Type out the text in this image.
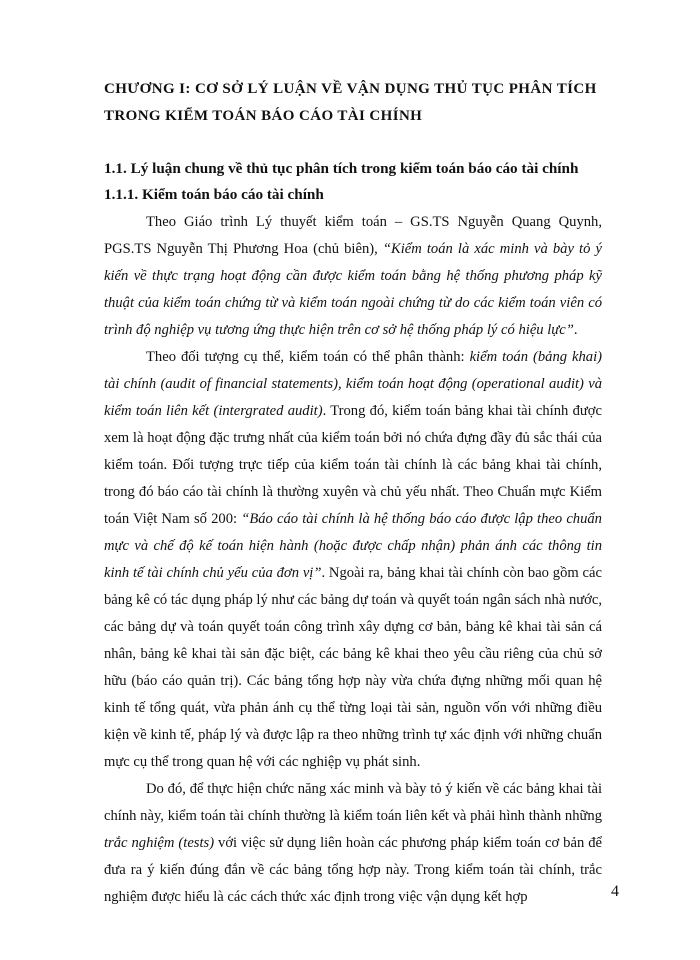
CHƯƠNG I: CƠ SỞ LÝ LUẬN VỀ VẬN DỤNG THỦ TỤC PHÂN TÍCH
TRONG KIỂM TOÁN BÁO CÁO TÀI CHÍNH
1.1. Lý luận chung về thủ tục phân tích trong kiểm toán báo cáo tài chính
1.1.1. Kiểm toán báo cáo tài chính

Theo Giáo trình Lý thuyết kiểm toán – GS.TS Nguyễn Quang Quynh, PGS.TS Nguyễn Thị Phương Hoa (chủ biên), “Kiểm toán là xác minh và bày tỏ ý kiến về thực trạng hoạt động cần được kiểm toán bằng hệ thống phương pháp kỹ thuật của kiểm toán chứng từ và kiểm toán ngoài chứng từ do các kiểm toán viên có trình độ nghiệp vụ tương ứng thực hiện trên cơ sở hệ thống pháp lý có hiệu lực”.

Theo đối tượng cụ thể, kiểm toán có thể phân thành: kiểm toán (bảng khai) tài chính (audit of financial statements), kiểm toán hoạt động (operational audit) và kiểm toán liên kết (intergrated audit). Trong đó, kiểm toán bảng khai tài chính được xem là hoạt động đặc trưng nhất của kiểm toán bởi nó chứa đựng đầy đủ sắc thái của kiểm toán. Đối tượng trực tiếp của kiểm toán tài chính là các bảng khai tài chính, trong đó báo cáo tài chính là thường xuyên và chủ yếu nhất. Theo Chuẩn mực Kiểm toán Việt Nam số 200: “Báo cáo tài chính là hệ thống báo cáo được lập theo chuẩn mực và chế độ kế toán hiện hành (hoặc được chấp nhận) phản ánh các thông tin kinh tế tài chính chủ yếu của đơn vị”. Ngoài ra, bảng khai tài chính còn bao gồm các bảng kê có tác dụng pháp lý như các bảng dự toán và quyết toán ngân sách nhà nước, các bảng dự và toán quyết toán công trình xây dựng cơ bản, bảng kê khai tài sản cá nhân, bảng kê khai tài sản đặc biệt, các bảng kê khai theo yêu cầu riêng của chủ sở hữu (báo cáo quản trị). Các bảng tổng hợp này vừa chứa đựng những mối quan hệ kinh tế tổng quát, vừa phản ánh cụ thể từng loại tài sản, nguồn vốn với những điều kiện về kinh tế, pháp lý và được lập ra theo những trình tự xác định với những chuẩn mực cụ thể trong quan hệ với các nghiệp vụ phát sinh.

Do đó, để thực hiện chức năng xác minh và bày tỏ ý kiến về các bảng khai tài chính này, kiểm toán tài chính thường là kiểm toán liên kết và phải hình thành những trắc nghiệm (tests) với việc sử dụng liên hoàn các phương pháp kiểm toán cơ bản để đưa ra ý kiến đúng đắn về các bảng tổng hợp này. Trong kiểm toán tài chính, trắc nghiệm được hiểu là các cách thức xác định trong việc vận dụng kết hợp	4
